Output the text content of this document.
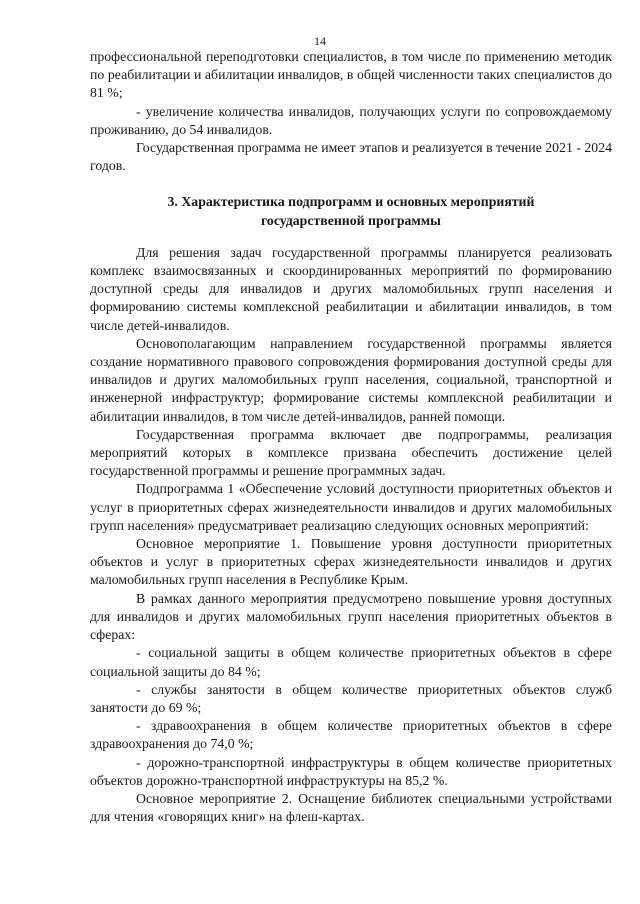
14

профессиональной переподготовки специалистов, в том числе по применению методик по реабилитации и абилитации инвалидов, в общей численности таких специалистов до 81 %;

- увеличение количества инвалидов, получающих услуги по сопровождаемому проживанию, до 54 инвалидов.

Государственная программа не имеет этапов и реализуется в течение 2021 - 2024 годов.

3. Характеристика подпрограмм и основных мероприятий
государственной программы

Для решения задач государственной программы планируется реализовать комплекс взаимосвязанных и скоординированных мероприятий по формированию доступной среды для инвалидов и других маломобильных групп населения и формированию системы комплексной реабилитации и абилитации инвалидов, в том числе детей-инвалидов.

Основополагающим направлением государственной программы является создание нормативного правового сопровождения формирования доступной среды для инвалидов и других маломобильных групп населения, социальной, транспортной и инженерной инфраструктур; формирование системы комплексной реабилитации и абилитации инвалидов, в том числе детей-инвалидов, ранней помощи.

Государственная программа включает две подпрограммы, реализация мероприятий которых в комплексе призвана обеспечить достижение целей государственной программы и решение программных задач.

Подпрограмма 1 «Обеспечение условий доступности приоритетных объектов и услуг в приоритетных сферах жизнедеятельности инвалидов и других маломобильных групп населения» предусматривает реализацию следующих основных мероприятий:

Основное мероприятие 1. Повышение уровня доступности приоритетных объектов и услуг в приоритетных сферах жизнедеятельности инвалидов и других маломобильных групп населения в Республике Крым.

В рамках данного мероприятия предусмотрено повышение уровня доступных для инвалидов и других маломобильных групп населения приоритетных объектов в сферах:

- социальной защиты в общем количестве приоритетных объектов в сфере социальной защиты до 84 %;

- службы занятости в общем количестве приоритетных объектов служб занятости до 69 %;

- здравоохранения в общем количестве приоритетных объектов в сфере здравоохранения до 74,0 %;

- дорожно-транспортной инфраструктуры в общем количестве приоритетных объектов дорожно-транспортной инфраструктуры на 85,2 %.

Основное мероприятие 2. Оснащение библиотек специальными устройствами для чтения «говорящих книг» на флеш-картах.
